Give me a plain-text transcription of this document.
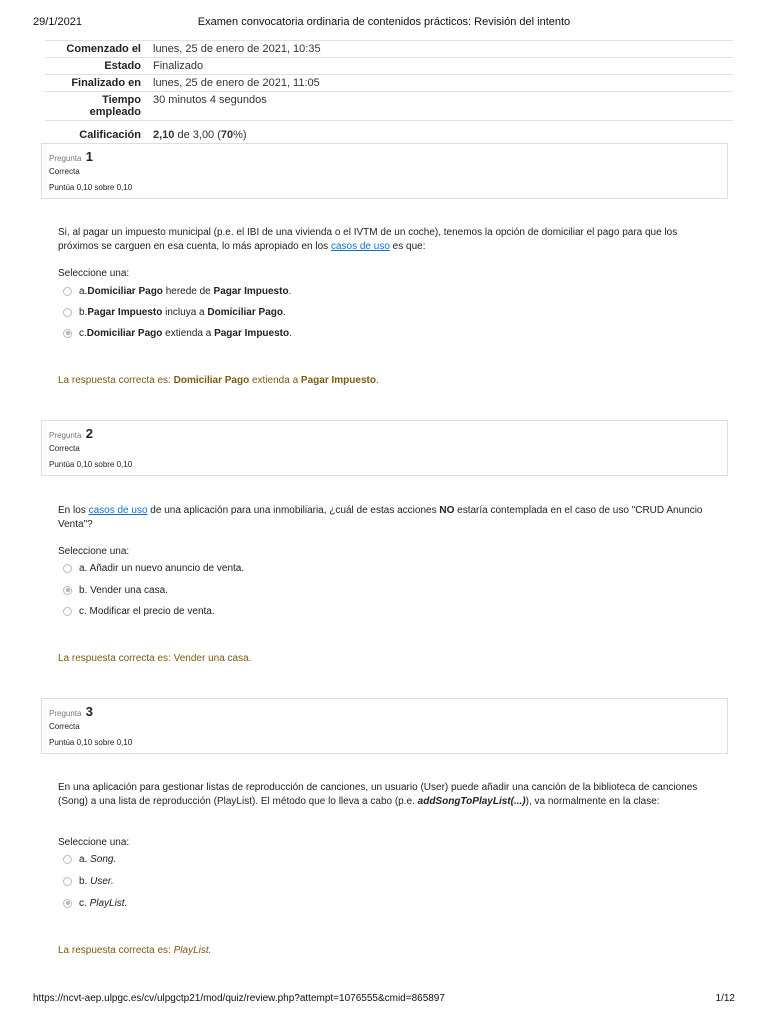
29/1/2021	Examen convocatoria ordinaria de contenidos prácticos: Revisión del intento
Comenzado el	lunes, 25 de enero de 2021, 10:35
Estado	Finalizado
Finalizado en	lunes, 25 de enero de 2021, 11:05
Tiempo
empleado	30 minutos 4 segundos
Calificación	2,10 de 3,00 (70%)
Pregunta 1
Correcta
Puntúa 0,10 sobre 0,10
Si, al pagar un impuesto municipal (p.e. el IBI de una vivienda o el IVTM de un coche), tenemos la opción de domiciliar el pago para que los próximos se carguen en esa cuenta, lo más apropiado en los casos de uso es que:
Seleccione una:
a. Domiciliar Pago herede de Pagar Impuesto .
b. Pagar Impuesto incluya a Domiciliar Pago .
c. Domiciliar Pago extienda a Pagar Impuesto .
La respuesta correcta es: Domiciliar Pago extienda a Pagar Impuesto.
Pregunta 2
Correcta
Puntúa 0,10 sobre 0,10
En los casos de uso de una aplicación para una inmobiliaria, ¿cuál de estas acciones NO estaría contemplada en el caso de uso "CRUD Anuncio Venta"?
Seleccione una:
a. Añadir un nuevo anuncio de venta.
b. Vender una casa.
c. Modificar el precio de venta.
La respuesta correcta es: Vender una casa.
Pregunta 3
Correcta
Puntúa 0,10 sobre 0,10
En una aplicación para gestionar listas de reproducción de canciones, un usuario (User) puede añadir una canción de la biblioteca de canciones (Song) a una lista de reproducción (PlayList). El método que lo lleva a cabo (p.e. addSongToPlayList(...)), va normalmente en la clase:
Seleccione una:
a. Song.
b. User.
c. PlayList.
La respuesta correcta es: PlayList.
https://ncvt-aep.ulpgc.es/cv/ulpgctp21/mod/quiz/review.php?attempt=1076555&cmid=865897	1/12
